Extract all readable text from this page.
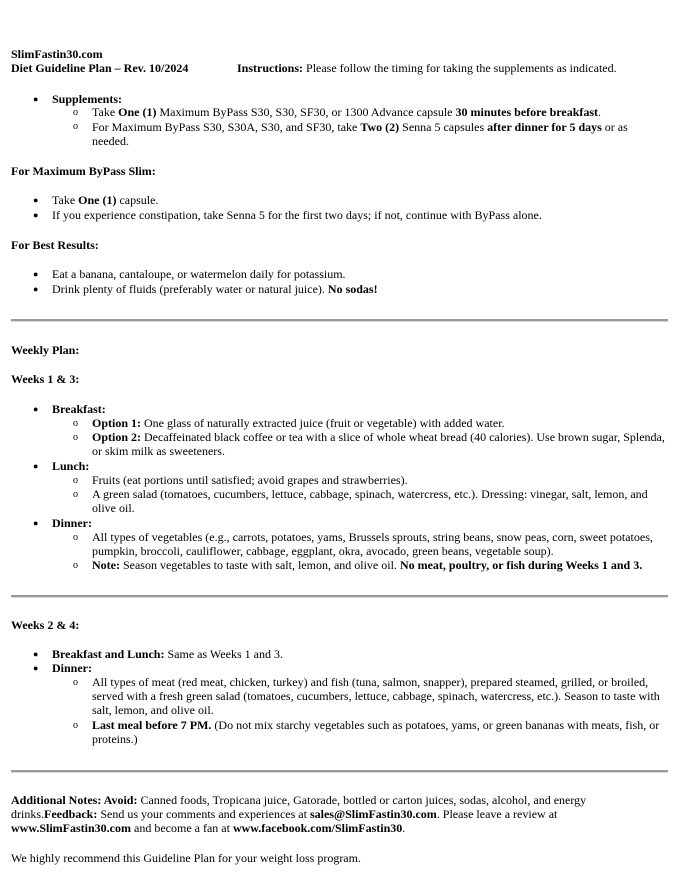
SlimFastin30.com
Diet Guideline Plan – Rev. 10/2024	Instructions: Please follow the timing for taking the supplements as indicated.
● Supplements:
o Take One (1) Maximum ByPass S30, S30, SF30, or 1300 Advance capsule 30 minutes before breakfast.
o For Maximum ByPass S30, S30A, S30, and SF30, take Two (2) Senna 5 capsules after dinner for 5 days or as needed.
For Maximum ByPass Slim:
● Take One (1) capsule.
● If you experience constipation, take Senna 5 for the first two days; if not, continue with ByPass alone.
For Best Results:
● Eat a banana, cantaloupe, or watermelon daily for potassium.
● Drink plenty of fluids (preferably water or natural juice). No sodas!
Weekly Plan:
Weeks 1 & 3:
● Breakfast:
o Option 1: One glass of naturally extracted juice (fruit or vegetable) with added water.
o Option 2: Decaffeinated black coffee or tea with a slice of whole wheat bread (40 calories). Use brown sugar, Splenda, or skim milk as sweeteners.
● Lunch:
o Fruits (eat portions until satisfied; avoid grapes and strawberries).
o A green salad (tomatoes, cucumbers, lettuce, cabbage, spinach, watercress, etc.). Dressing: vinegar, salt, lemon, and olive oil.
● Dinner:
o All types of vegetables (e.g., carrots, potatoes, yams, Brussels sprouts, string beans, snow peas, corn, sweet potatoes, pumpkin, broccoli, cauliflower, cabbage, eggplant, okra, avocado, green beans, vegetable soup).
o Note: Season vegetables to taste with salt, lemon, and olive oil. No meat, poultry, or fish during Weeks 1 and 3.
Weeks 2 & 4:
● Breakfast and Lunch: Same as Weeks 1 and 3.
● Dinner:
o All types of meat (red meat, chicken, turkey) and fish (tuna, salmon, snapper), prepared steamed, grilled, or broiled, served with a fresh green salad (tomatoes, cucumbers, lettuce, cabbage, spinach, watercress, etc.). Season to taste with salt, lemon, and olive oil.
o Last meal before 7 PM. (Do not mix starchy vegetables such as potatoes, yams, or green bananas with meats, fish, or proteins.)
Additional Notes: Avoid: Canned foods, Tropicana juice, Gatorade, bottled or carton juices, sodas, alcohol, and energy drinks.Feedback: Send us your comments and experiences at sales@SlimFastin30.com. Please leave a review at www.SlimFastin30.com and become a fan at www.facebook.com/SlimFastin30.
We highly recommend this Guideline Plan for your weight loss program.
